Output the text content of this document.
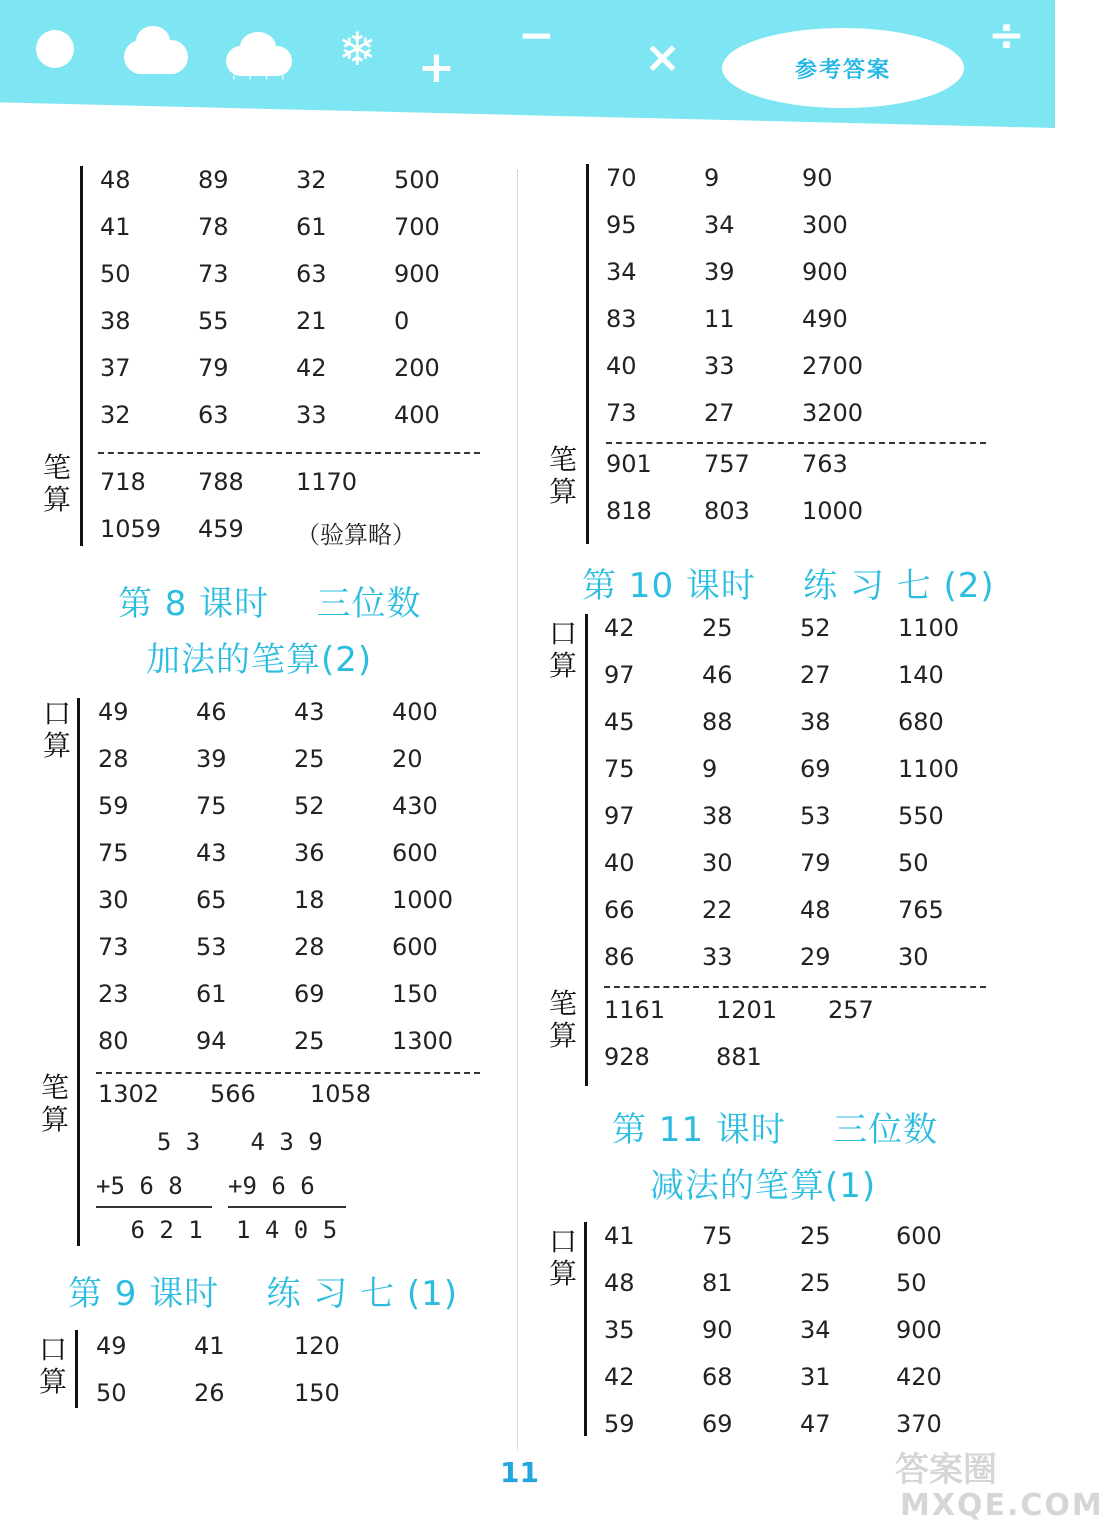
' ' ' '
❄ +
− ×	÷
参考答案
笔
算
48	89	32	500
41	78	61	700
50	73	63	900
38	55	21	0
37	79	42	200
32	63	33	400
718 788 1170
1059 459 （验算略）
第 8 课时    三位数
加法的笔算(2)
口
算
笔
算
49	46	43	400
28	39	25	20
59	75	52	430
75	43	36	600
30	65	18	1000
73	53	28	600
23	61	69	150
80	94	25	1300
1302 566 1058
5 3
+5 6 8
6 2 1
4 3 9
+9 6 6
1 4 0 5
第 9 课时    练 习 七 (1)
口
算
49	41	120
50	26	150
笔
算
70	9	90
95	34	300
34	39	900
83	11	490
40	33	2700
73	27	3200
901 757 763
818 803 1000
第 10 课时    练 习 七 (2)
口
算
笔
算
42	25	52	1100
97	46	27	140
45	88	38	680
75	9	69	1100
97	38	53	550
40	30	79	50
66	22	48	765
86	33	29	30
1161 1201 257
928	881
第 11 课时    三位数
减法的笔算(1)
口
算
41	75	25	600
48	81	25	50
35	90	34	900
42	68	31	420
59	69	47	370
11	答案圈
MXQE.COM
